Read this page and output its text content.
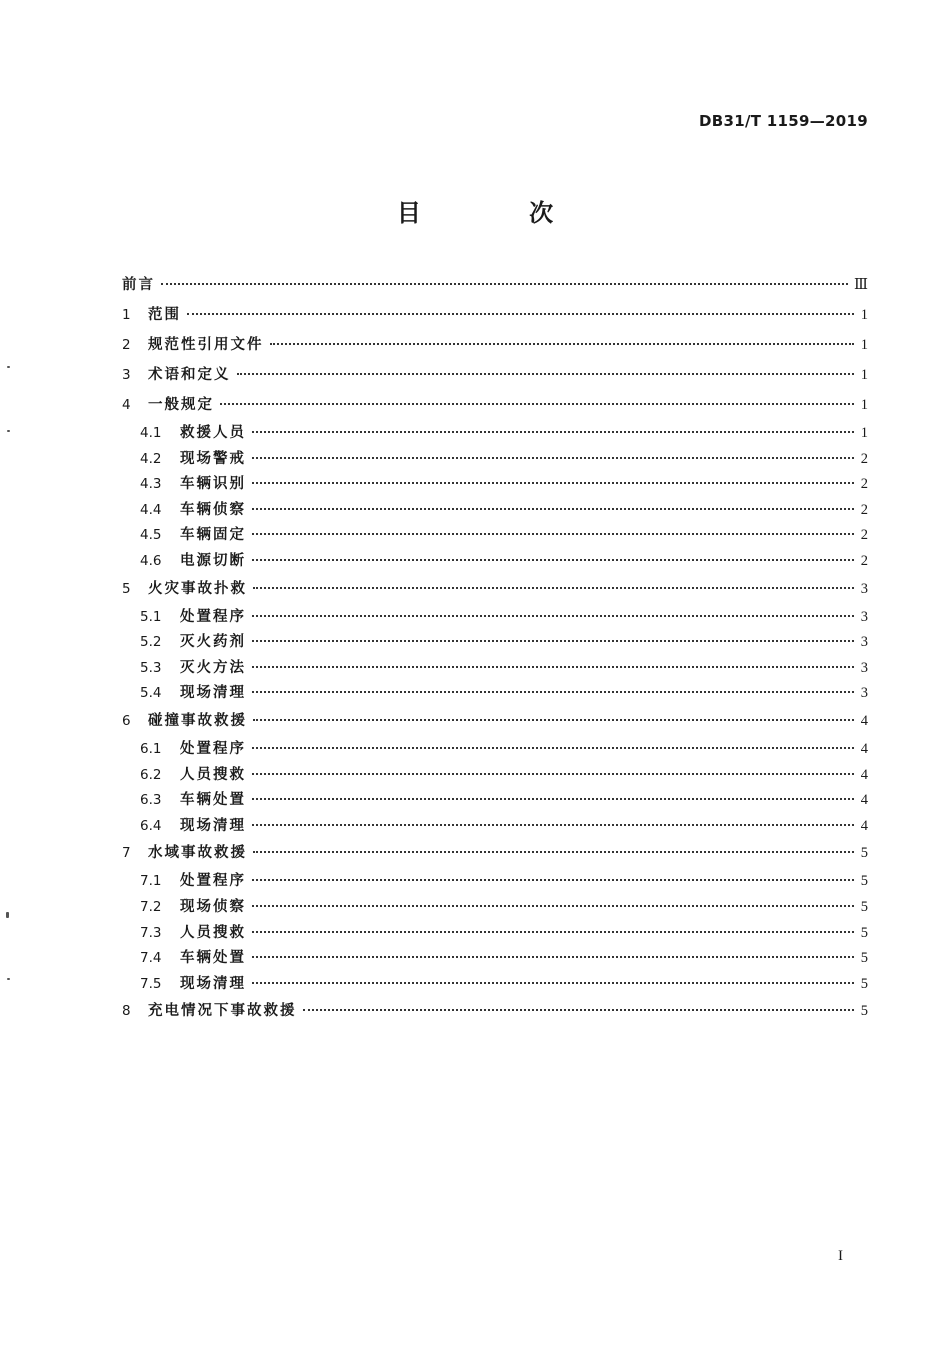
DB31/T 1159—2019
目 次
前言	Ⅲ
1	范围	1
2	规范性引用文件	1
3	术语和定义	1
4	一般规定	1
4.1	救援人员	1
4.2	现场警戒	2
4.3	车辆识别	2
4.4	车辆侦察	2
4.5	车辆固定	2
4.6	电源切断	2
5	火灾事故扑救	3
5.1	处置程序	3
5.2	灭火药剂	3
5.3	灭火方法	3
5.4	现场清理	3
6	碰撞事故救援	4
6.1	处置程序	4
6.2	人员搜救	4
6.3	车辆处置	4
6.4	现场清理	4
7	水域事故救援	5
7.1	处置程序	5
7.2	现场侦察	5
7.3	人员搜救	5
7.4	车辆处置	5
7.5	现场清理	5
8	充电情况下事故救援	5
I
